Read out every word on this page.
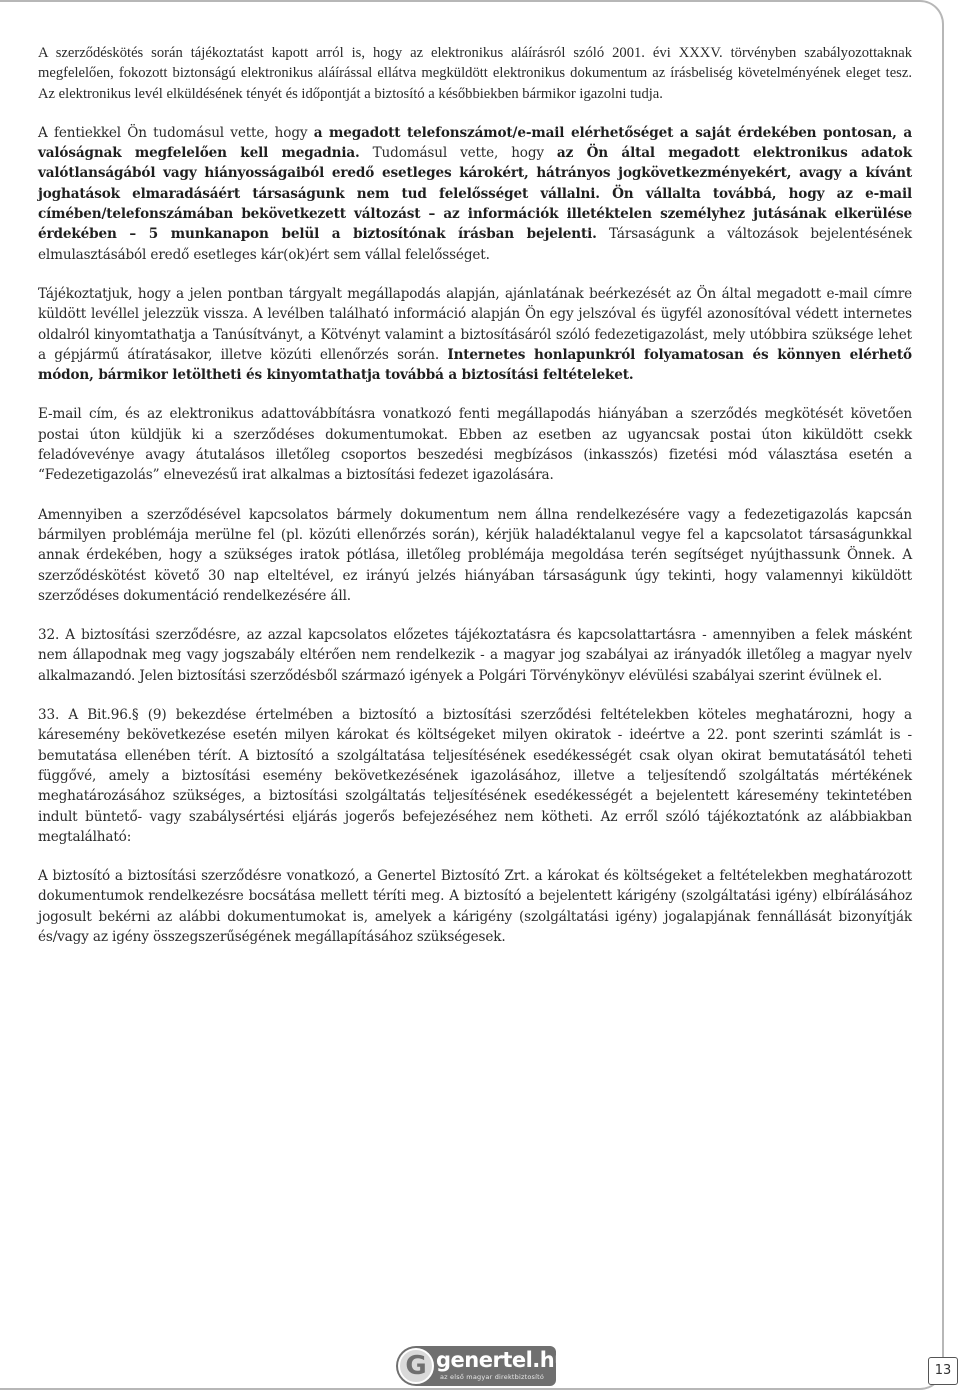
A szerződéskötés során tájékoztatást kapott arról is, hogy az elektronikus aláírásról szóló 2001. évi XXXV. törvényben szabályozottaknak megfelelően, fokozott biztonságú elektronikus aláírással ellátva megküldött elektronikus dokumentum az írásbeliség követelményének eleget tesz. Az elektronikus levél elküldésének tényét és időpontját a biztosító a későbbiekben bármikor igazolni tudja.

A fentiekkel Ön tudomásul vette, hogy a megadott telefonszámot/e-mail elérhetőséget a saját érdekében pontosan, a valóságnak megfelelően kell megadnia. Tudomásul vette, hogy az Ön által megadott elektronikus adatok valótlanságából vagy hiányosságaiból eredő esetleges károkért, hátrányos jogkövetkezményekért, avagy a kívánt joghatások elmaradásáért társaságunk nem tud felelősséget vállalni. Ön vállalta továbbá, hogy az e-mail címében/telefonszámában bekövetkezett változást – az információk illetéktelen személyhez jutásának elkerülése érdekében – 5 munkanapon belül a biztosítónak írásban bejelenti. Társaságunk a változások bejelentésének elmulasztásából eredő esetleges kár(ok)ért sem vállal felelősséget.

Tájékoztatjuk, hogy a jelen pontban tárgyalt megállapodás alapján, ajánlatának beérkezését az Ön által megadott e-mail címre küldött levéllel jelezzük vissza. A levélben található információ alapján Ön egy jelszóval és ügyfél azonosítóval védett internetes oldalról kinyomtathatja a Tanúsítványt, a Kötvényt valamint a biztosításáról szóló fedezetigazolást, mely utóbbira szüksége lehet a gépjármű átíratásakor, illetve közúti ellenőrzés során. Internetes honlapunkról folyamatosan és könnyen elérhető módon, bármikor letöltheti és kinyomtathatja továbbá a biztosítási feltételeket.

E-mail cím, és az elektronikus adattovábbításra vonatkozó fenti megállapodás hiányában a szerződés megkötését követően postai úton küldjük ki a szerződéses dokumentumokat. Ebben az esetben az ugyancsak postai úton kiküldött csekk feladóvevénye avagy átutalásos illetőleg csoportos beszedési megbízásos (inkasszós) fizetési mód választása esetén a “Fedezetigazolás” elnevezésű irat alkalmas a biztosítási fedezet igazolására.

Amennyiben a szerződésével kapcsolatos bármely dokumentum nem állna rendelkezésére vagy a fedezetigazolás kapcsán bármilyen problémája merülne fel (pl. közúti ellenőrzés során), kérjük haladéktalanul vegye fel a kapcsolatot társaságunkkal annak érdekében, hogy a szükséges iratok pótlása, illetőleg problémája megoldása terén segítséget nyújthassunk Önnek. A szerződéskötést követő 30 nap elteltével, ez irányú jelzés hiányában társaságunk úgy tekinti, hogy valamennyi kiküldött szerződéses dokumentáció rendelkezésére áll.

32. A biztosítási szerződésre, az azzal kapcsolatos előzetes tájékoztatásra és kapcsolattartásra - amennyiben a felek másként nem állapodnak meg vagy jogszabály eltérően nem rendelkezik - a magyar jog szabályai az irányadók illetőleg a magyar nyelv alkalmazandó. Jelen biztosítási szerződésből származó igények a Polgári Törvénykönyv elévülési szabályai szerint évülnek el.

33. A Bit.96.§ (9) bekezdése értelmében a biztosító a biztosítási szerződési feltételekben köteles meghatározni, hogy a káresemény bekövetkezése esetén milyen károkat és költségeket milyen okiratok - ideértve a 22. pont szerinti számlát is - bemutatása ellenében térít. A biztosító a szolgáltatása teljesítésének esedékességét csak olyan okirat bemutatásától teheti függővé, amely a biztosítási esemény bekövetkezésének igazolásához, illetve a teljesítendő szolgáltatás mértékének meghatározásához szükséges, a biztosítási szolgáltatás teljesítésének esedékességét a bejelentett káresemény tekintetében indult büntető- vagy szabálysértési eljárás jogerős befejezéséhez nem kötheti. Az erről szóló tájékoztatónk az alábbiakban megtalálható:

A biztosító a biztosítási szerződésre vonatkozó, a Genertel Biztosító Zrt. a károkat és költségeket a feltételekben meghatározott dokumentumok rendelkezésre bocsátása mellett téríti meg. A biztosító a bejelentett kárigény (szolgáltatási igény) elbírálásához jogosult bekérni az alábbi dokumentumokat is, amelyek a kárigény (szolgáltatási igény) jogalapjának fennállását bizonyítják és/vagy az igény összegszerűségének megállapításához szükségesek.

G genertel.hu
az első magyar direktbiztosító	13
